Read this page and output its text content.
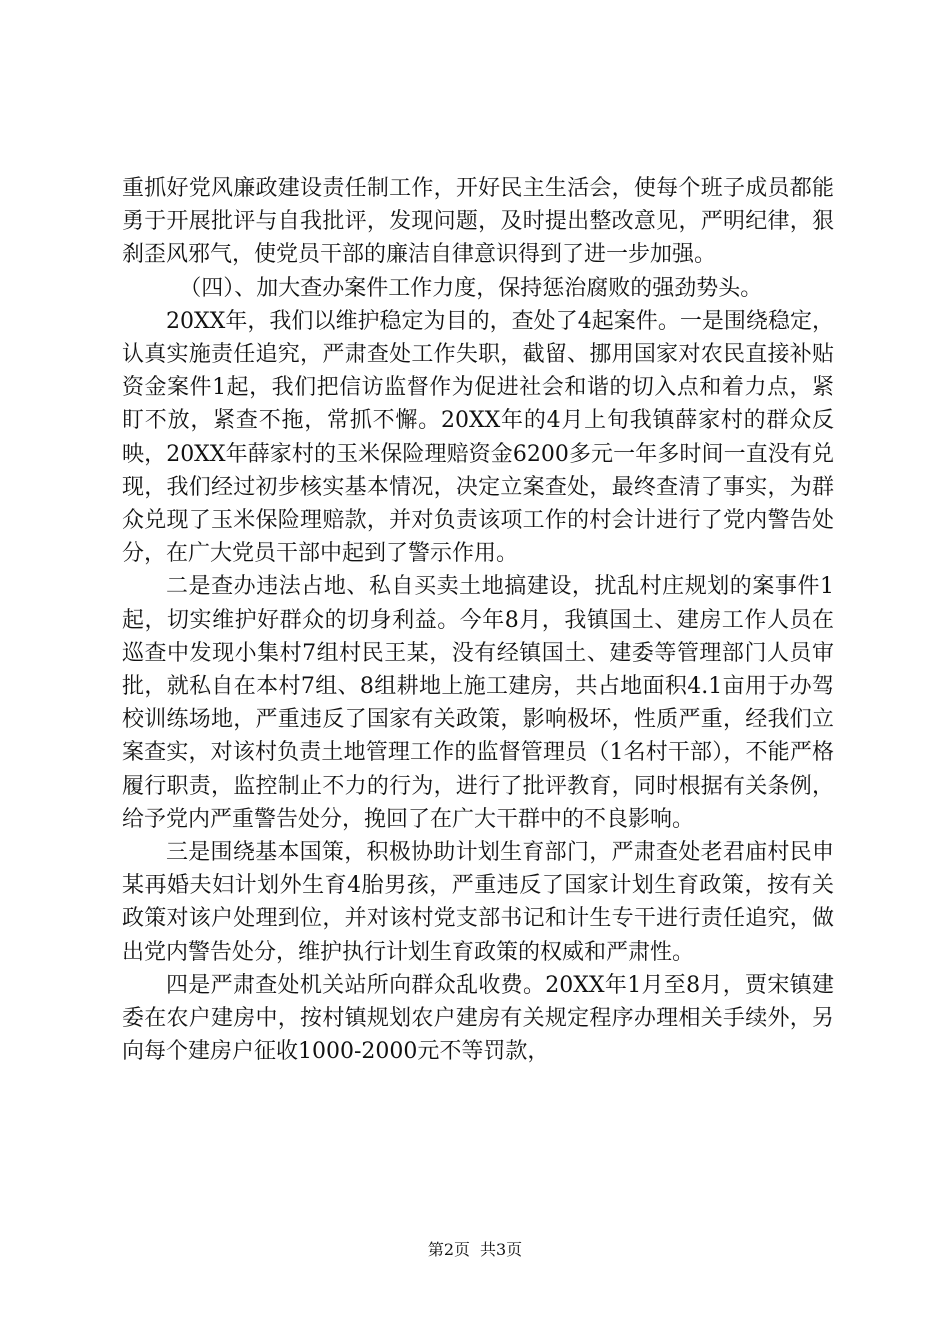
重抓好党风廉政建设责任制工作，开好民主生活会，使每个班子成员都能勇于开展批评与自我批评，发现问题，及时提出整改意见，严明纪律，狠刹歪风邪气，使党员干部的廉洁自律意识得到了进一步加强。

（四）、加大查办案件工作力度，保持惩治腐败的强劲势头。

20XX年，我们以维护稳定为目的，查处了4起案件。一是围绕稳定，认真实施责任追究，严肃查处工作失职，截留、挪用国家对农民直接补贴资金案件1起，我们把信访监督作为促进社会和谐的切入点和着力点，紧盯不放，紧查不拖，常抓不懈。20XX年的4月上旬我镇薛家村的群众反映，20XX年薛家村的玉米保险理赔资金6200多元一年多时间一直没有兑现，我们经过初步核实基本情况，决定立案查处，最终查清了事实，为群众兑现了玉米保险理赔款，并对负责该项工作的村会计进行了党内警告处分，在广大党员干部中起到了警示作用。

二是查办违法占地、私自买卖土地搞建设，扰乱村庄规划的案事件1起，切实维护好群众的切身利益。今年8月，我镇国土、建房工作人员在巡查中发现小集村7组村民王某，没有经镇国土、建委等管理部门人员审批，就私自在本村7组、8组耕地上施工建房，共占地面积4.1亩用于办驾校训练场地，严重违反了国家有关政策，影响极坏，性质严重，经我们立案查实，对该村负责土地管理工作的监督管理员（1名村干部），不能严格履行职责，监控制止不力的行为，进行了批评教育，同时根据有关条例，给予党内严重警告处分，挽回了在广大干群中的不良影响。

三是围绕基本国策，积极协助计划生育部门，严肃查处老君庙村民申某再婚夫妇计划外生育4胎男孩，严重违反了国家计划生育政策，按有关政策对该户处理到位，并对该村党支部书记和计生专干进行责任追究，做出党内警告处分，维护执行计划生育政策的权威和严肃性。

四是严肃查处机关站所向群众乱收费。20XX年1月至8月，贾宋镇建委在农户建房中，按村镇规划农户建房有关规定程序办理相关手续外，另向每个建房户征收1000-2000元不等罚款，

第2页 共3页
